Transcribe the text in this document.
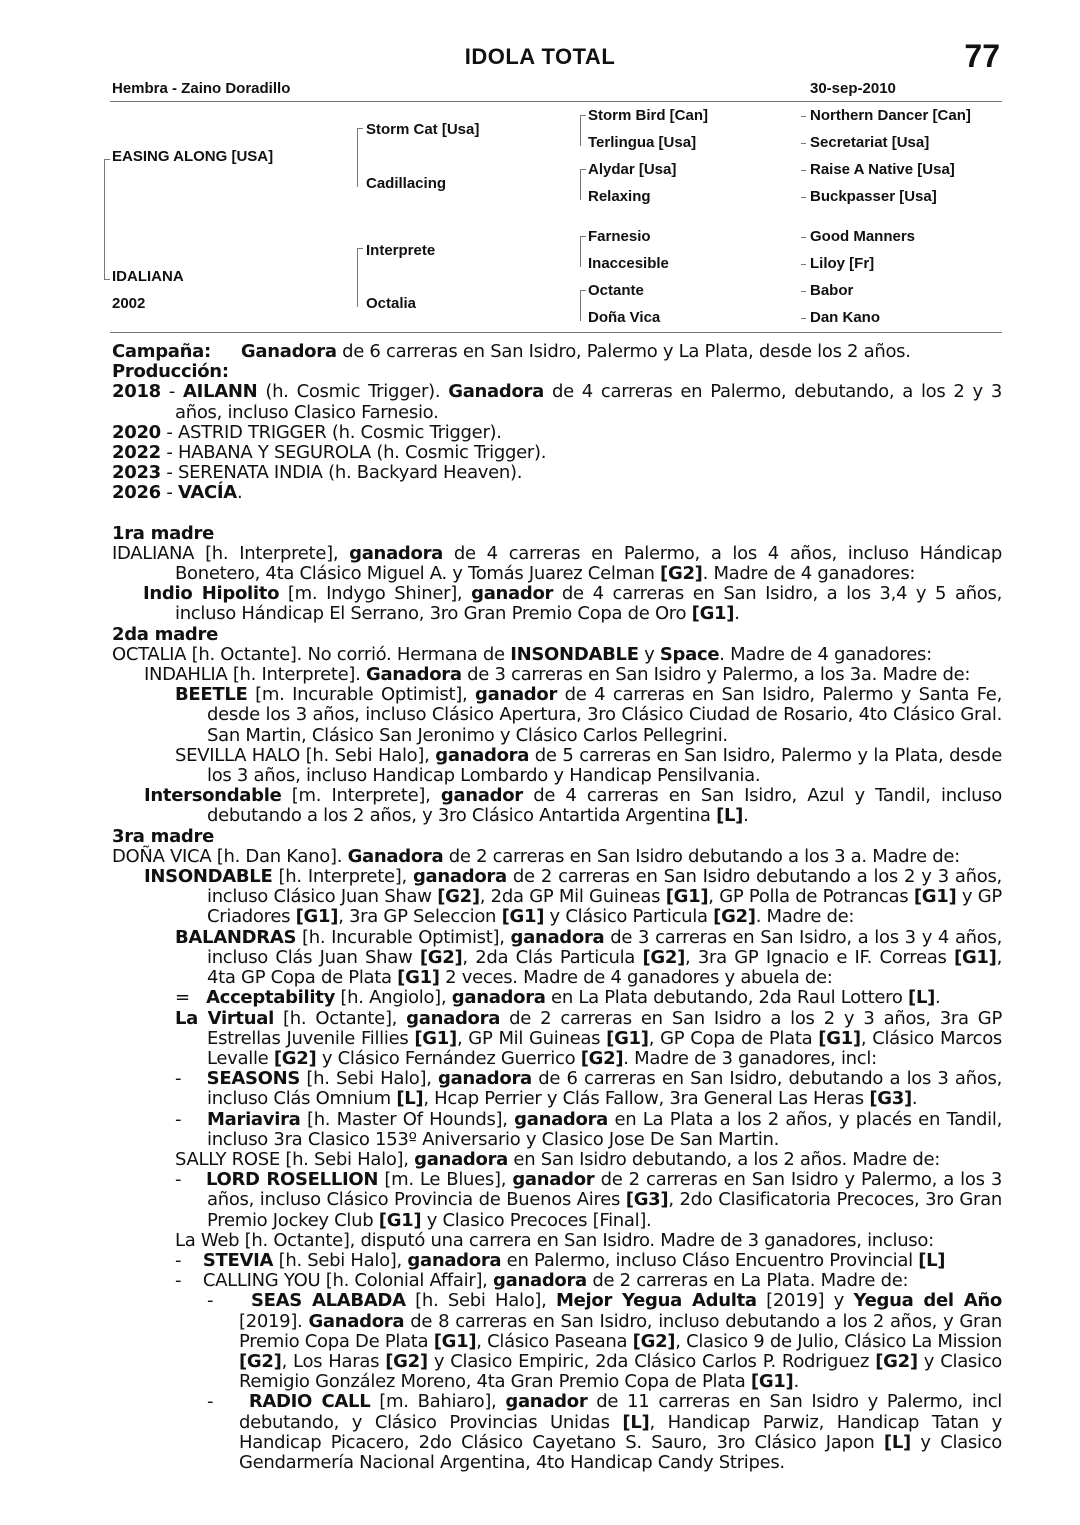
IDOLA TOTAL	77
Hembra - Zaino Doradillo	30-sep-2010
EASING ALONG [USA]
IDALIANA
2002
Storm Cat [Usa]
Cadillacing
Interprete
Octalia
Storm Bird [Can]
Terlingua [Usa]
Alydar [Usa]
Relaxing
Farnesio
Inaccesible
Octante
Doña Vica
Northern Dancer [Can]
Secretariat [Usa]
Raise A Native [Usa]
Buckpasser [Usa]
Good Manners
Liloy [Fr]
Babor
Dan Kano

Campaña: Ganadora de 6 carreras en San Isidro, Palermo y La Plata, desde los 2 años.

Producción:

2018 - AILANN (h. Cosmic Trigger). Ganadora de 4 carreras en Palermo, debutando, a los 2 y 3 años, incluso Clasico Farnesio.

2020 - ASTRID TRIGGER (h. Cosmic Trigger).

2022 - HABANA Y SEGUROLA (h. Cosmic Trigger).

2023 - SERENATA INDIA (h. Backyard Heaven).

2026 - VACÍA.

1ra madre

IDALIANA [h. Interprete], ganadora de 4 carreras en Palermo, a los 4 años, incluso Hándicap Bonetero, 4ta Clásico Miguel A. y Tomás Juarez Celman [G2]. Madre de 4 ganadores:

Indio Hipolito [m. Indygo Shiner], ganador de 4 carreras en San Isidro, a los 3,4 y 5 años, incluso Hándicap El Serrano, 3ro Gran Premio Copa de Oro [G1].

2da madre

OCTALIA [h. Octante]. No corrió. Hermana de INSONDABLE y Space. Madre de 4 ganadores:

INDAHLIA [h. Interprete]. Ganadora de 3 carreras en San Isidro y Palermo, a los 3a. Madre de:

BEETLE [m. Incurable Optimist], ganador de 4 carreras en San Isidro, Palermo y Santa Fe, desde los 3 años, incluso Clásico Apertura, 3ro Clásico Ciudad de Rosario, 4to Clásico Gral. San Martin, Clásico San Jeronimo y Clásico Carlos Pellegrini.

SEVILLA HALO [h. Sebi Halo], ganadora de 5 carreras en San Isidro, Palermo y la Plata, desde los 3 años, incluso Handicap Lombardo y Handicap Pensilvania.

Intersondable [m. Interprete], ganador de 4 carreras en San Isidro, Azul y Tandil, incluso debutando a los 2 años, y 3ro Clásico Antartida Argentina [L].

3ra madre

DOÑA VICA [h. Dan Kano]. Ganadora de 2 carreras en San Isidro debutando a los 3 a. Madre de:

INSONDABLE [h. Interprete], ganadora de 2 carreras en San Isidro debutando a los 2 y 3 años, incluso Clásico Juan Shaw [G2], 2da GP Mil Guineas [G1], GP Polla de Potrancas [G1] y GP Criadores [G1], 3ra GP Seleccion [G1] y Clásico Particula [G2]. Madre de:

BALANDRAS [h. Incurable Optimist], ganadora de 3 carreras en San Isidro, a los 3 y 4 años, incluso Clás Juan Shaw [G2], 2da Clás Particula [G2], 3ra GP Ignacio e IF. Correas [G1], 4ta GP Copa de Plata [G1] 2 veces. Madre de 4 ganadores y abuela de:

= Acceptability [h. Angiolo], ganadora en La Plata debutando, 2da Raul Lottero [L].

La Virtual [h. Octante], ganadora de 2 carreras en San Isidro a los 2 y 3 años, 3ra GP Estrellas Juvenile Fillies [G1], GP Mil Guineas [G1], GP Copa de Plata [G1], Clásico Marcos Levalle [G2] y Clásico Fernández Guerrico [G2]. Madre de 3 ganadores, incl:

- SEASONS [h. Sebi Halo], ganadora de 6 carreras en San Isidro, debutando a los 3 años, incluso Clás Omnium [L], Hcap Perrier y Clás Fallow, 3ra General Las Heras [G3].

- Mariavira [h. Master Of Hounds], ganadora en La Plata a los 2 años, y placés en Tandil, incluso 3ra Clasico 153º Aniversario y Clasico Jose De San Martin.

SALLY ROSE [h. Sebi Halo], ganadora en San Isidro debutando, a los 2 años. Madre de:

- LORD ROSELLION [m. Le Blues], ganador de 2 carreras en San Isidro y Palermo, a los 3 años, incluso Clásico Provincia de Buenos Aires [G3], 2do Clasificatoria Precoces, 3ro Gran Premio Jockey Club [G1] y Clasico Precoces [Final].

La Web [h. Octante], disputó una carrera en San Isidro. Madre de 3 ganadores, incluso:

- STEVIA [h. Sebi Halo], ganadora en Palermo, incluso Cláso Encuentro Provincial [L]

- CALLING YOU [h. Colonial Affair], ganadora de 2 carreras en La Plata. Madre de:

- SEAS ALABADA [h. Sebi Halo], Mejor Yegua Adulta [2019] y Yegua del Año [2019]. Ganadora de 8 carreras en San Isidro, incluso debutando a los 2 años, y Gran Premio Copa De Plata [G1], Clásico Paseana [G2], Clasico 9 de Julio, Clásico La Mission [G2], Los Haras [G2] y Clasico Empiric, 2da Clásico Carlos P. Rodriguez [G2] y Clasico Remigio González Moreno, 4ta Gran Premio Copa de Plata [G1].

- RADIO CALL [m. Bahiaro], ganador de 11 carreras en San Isidro y Palermo, incl debutando, y Clásico Provincias Unidas [L], Handicap Parwiz, Handicap Tatan y Handicap Picacero, 2do Clásico Cayetano S. Sauro, 3ro Clásico Japon [L] y Clasico Gendarmería Nacional Argentina, 4to Handicap Candy Stripes.
